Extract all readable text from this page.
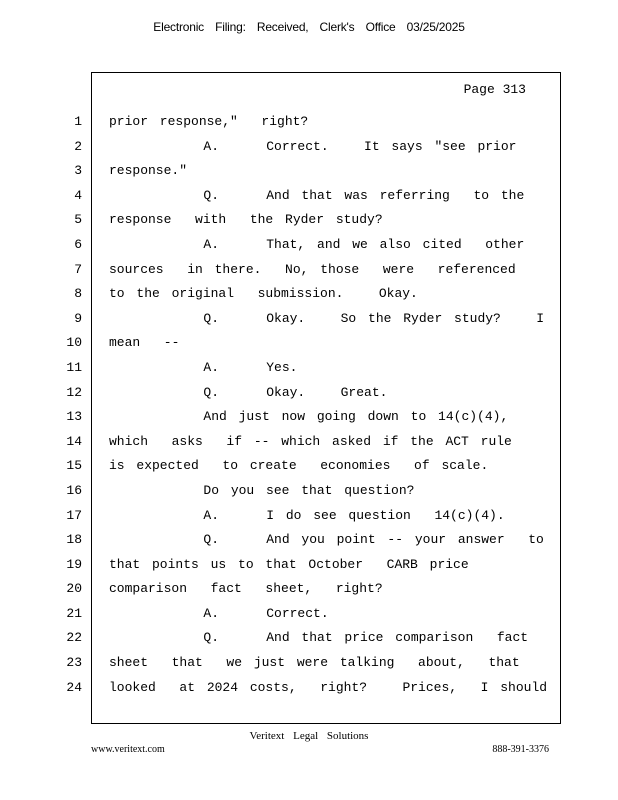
Electronic Filing: Received, Clerk's Office 03/25/2025
Page 313
1 prior response,"  right?
2 A.    Correct.   It says "see prior
3 response."
4 Q.    And that was referring  to the
5 response  with  the Ryder study?
6 A.    That, and we also cited  other
7 sources  in there.  No, those  were  referenced
8 to the original  submission.   Okay.
9 Q.    Okay.   So the Ryder study?   I
10 mean  --
11 A.    Yes.
12 Q.    Okay.   Great.
13 And just now going down to 14(c)(4),
14 which  asks  if -- which asked if the ACT rule
15 is expected  to create  economies  of scale.
16 Do you see that question?
17 A.    I do see question  14(c)(4).
18 Q.    And you point -- your answer  to
19 that points us to that October  CARB price
20 comparison  fact  sheet,  right?
21 A.    Correct.
22 Q.    And that price comparison  fact
23 sheet  that  we just were talking  about,  that
24 looked  at 2024 costs,  right?   Prices,  I should
Veritext Legal Solutions
www.veritext.com	888-391-3376
